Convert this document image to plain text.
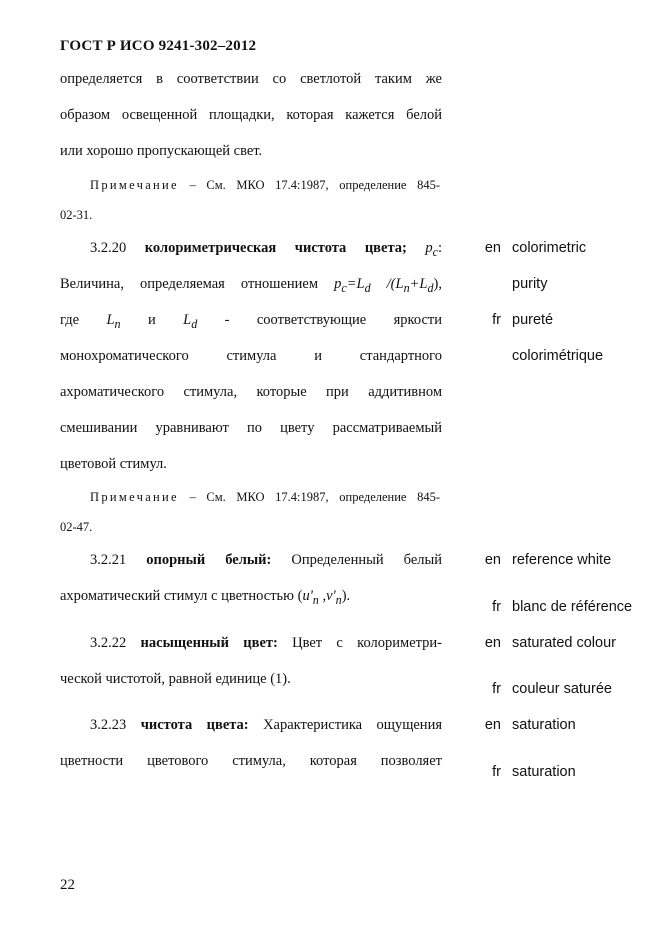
ГОСТ Р ИСО 9241-302–2012
определяется в соответствии со светлотой таким же
образом освещенной площадки, которая кажется белой
или хорошо пропускающей свет.
Примечание – См. МКО 17.4:1987, определение 845-
02-31.
3.2.20 колориметрическая чистота цвета; $p_c$:
Величина, определяемая отношением $p_c=L_d$ $/(L_n+L_d)$,
где $L_n$ и $L_d$ - соответствующие яркости
монохроматического стимула и стандартного
ахроматического стимула, которые при аддитивном
смешивании уравнивают по цвету рассматриваемый
цветовой стимул.
en colorimetric
purity
fr pureté
colorimétrique
Примечание – См. МКО 17.4:1987, определение 845-
02-47.
3.2.21 опорный белый: Определенный белый
ахроматический стимул с цветностью ($u'_n$ $,v'_n$).
en reference white
fr blanc de référence
3.2.22 насыщенный цвет: Цвет с колориметри-
ческой чистотой, равной единице (1).
en saturated colour
fr couleur saturée
3.2.23 чистота цвета: Характеристика ощущения
цветности цветового стимула, которая позволяет
en saturation
fr saturation
22
